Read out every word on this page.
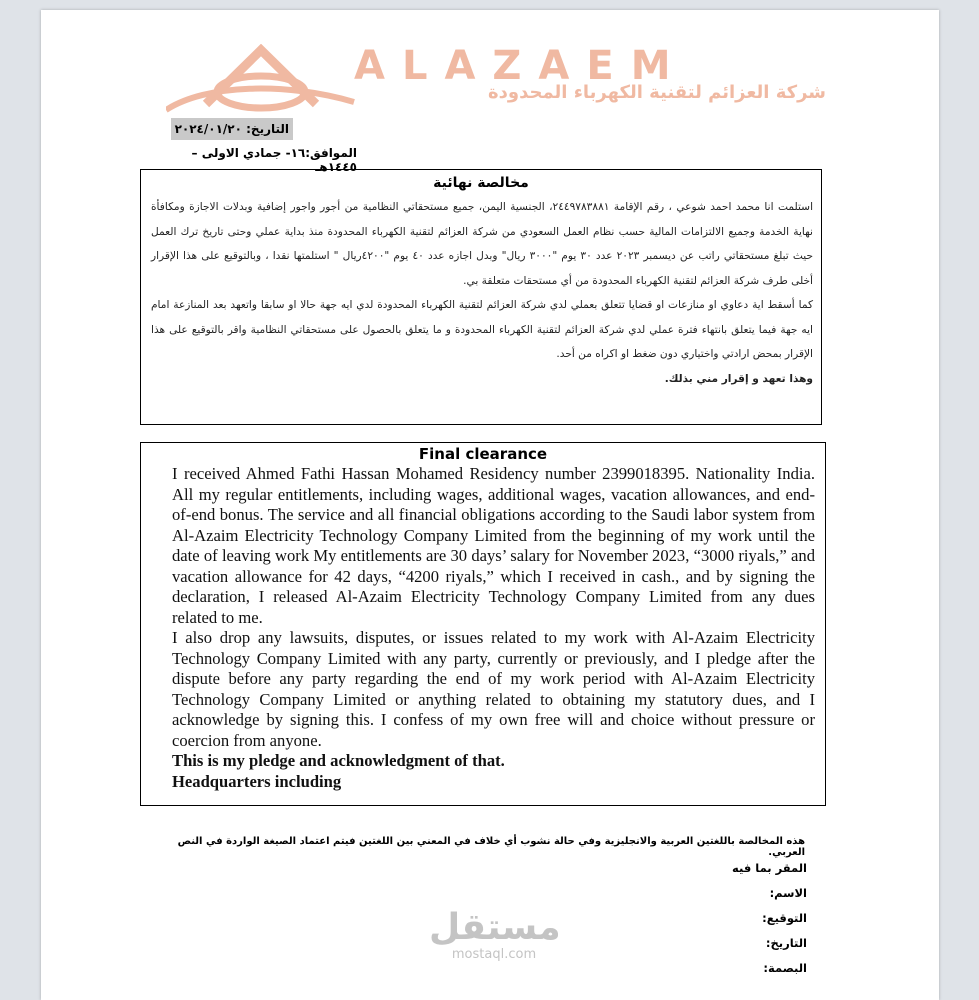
ALAZAEM
شركة العزائم لتقنية الكهرباء المحدودة
التاريخ: ٢٠٢٤/٠١/٢٠
الموافق:١٦- جمادي الاولى – ١٤٤٥هـ
مخالصة نهائية

استلمت انا محمد احمد شوعي ، رقم الإقامة ٢٤٤٩٧٨٣٨٨١، الجنسية اليمن، جميع مستحقاتي النظامية من أجور واجور إضافية وبدلات الاجازة ومكافأة نهاية الخدمة وجميع الالتزامات المالية حسب نظام العمل السعودي من شركة العزائم لتقنية الكهرباء المحدودة منذ بداية عملي وحتى تاريخ ترك العمل حيث تبلغ مستحقاتي راتب عن ديسمبر ٢٠٢٣ عدد ٣٠ يوم "٣٠٠٠ ريال" وبدل اجازه عدد ٤٠ يوم "٤٢٠٠ريال " استلمتها نقدا ، وبالتوقيع على هذا الإقرار أخلى طرف شركة العزائم لتقنية الكهرباء المحدودة من أي مستحقات متعلقة بي.

كما أسقط اية دعاوي او منازعات او قضايا تتعلق بعملي لدي شركة العزائم لتقنية الكهرباء المحدودة لدي ايه جهة حالا او سابقا واتعهد بعد المنازعة امام ايه جهة فيما يتعلق بانتهاء فترة عملي لدي شركة العزائم لتقنية الكهرباء المحدودة و ما يتعلق بالحصول على مستحقاتي النظامية واقر بالتوقيع على هذا الإقرار بمحض ارادتي واختياري دون ضغط او اكراه من أحد.

وهذا تعهد و إقرار مني بذلك.

Final clearance

I received Ahmed Fathi Hassan Mohamed Residency number 2399018395. Nationality India. All my regular entitlements, including wages, additional wages, vacation allowances, and end-of-end bonus. The service and all financial obligations according to the Saudi labor system from Al-Azaim Electricity Technology Company Limited from the beginning of my work until the date of leaving work My entitlements are 30 days’ salary for November 2023, “3000 riyals,” and vacation allowance for 42 days, “4200 riyals,” which I received in cash., and by signing the declaration, I released Al-Azaim Electricity Technology Company Limited from any dues related to me.

I also drop any lawsuits, disputes, or issues related to my work with Al-Azaim Electricity Technology Company Limited with any party, currently or previously, and I pledge after the dispute before any party regarding the end of my work period with Al-Azaim Electricity Technology Company Limited or anything related to obtaining my statutory dues, and I acknowledge by signing this. I confess of my own free will and choice without pressure or coercion from anyone.

This is my pledge and acknowledgment of that.

Headquarters including

هذه المخالصة باللغتين العربية والانجليزية وفي حالة نشوب أي خلاف في المعني بين اللغتين فيتم اعتماد الصيغة الواردة في النص العربي.
المقر بما فيه
الاسم:
التوقيع:
التاريخ:
البصمة:
مستقل
mostaql.com
